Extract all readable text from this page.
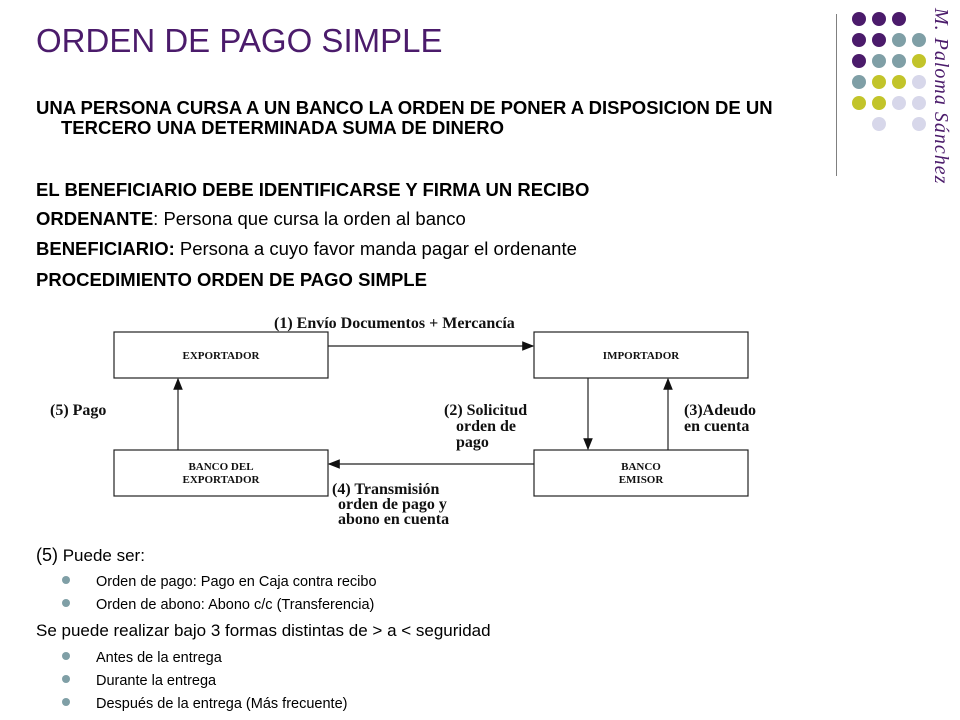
ORDEN DE PAGO SIMPLE	M. Paloma Sánchez
UNA PERSONA CURSA A UN BANCO LA ORDEN DE PONER A DISPOSICION DE UN TERCERO UNA DETERMINADA SUMA DE DINERO
EL BENEFICIARIO DEBE IDENTIFICARSE Y FIRMA UN RECIBO
ORDENANTE: Persona que cursa la orden al banco
BENEFICIARIO: Persona a cuyo favor manda pagar el ordenante
PROCEDIMIENTO ORDEN DE PAGO SIMPLE
EXPORTADOR	IMPORTADOR
BANCO DEL
EXPORTADOR
BANCO
EMISOR
(1) Envío Documentos + Mercancía
(2) Solicitud
orden de
pago
(3)Adeudo
en cuenta
(4) Transmisión
orden de pago y
abono en cuenta
(5) Pago
(5) Puede ser:
Orden de pago: Pago en Caja contra recibo
Orden de abono: Abono c/c (Transferencia)
Se puede realizar bajo 3 formas distintas de > a < seguridad
Antes de la entrega
Durante la entrega
Después de la entrega (Más frecuente)
